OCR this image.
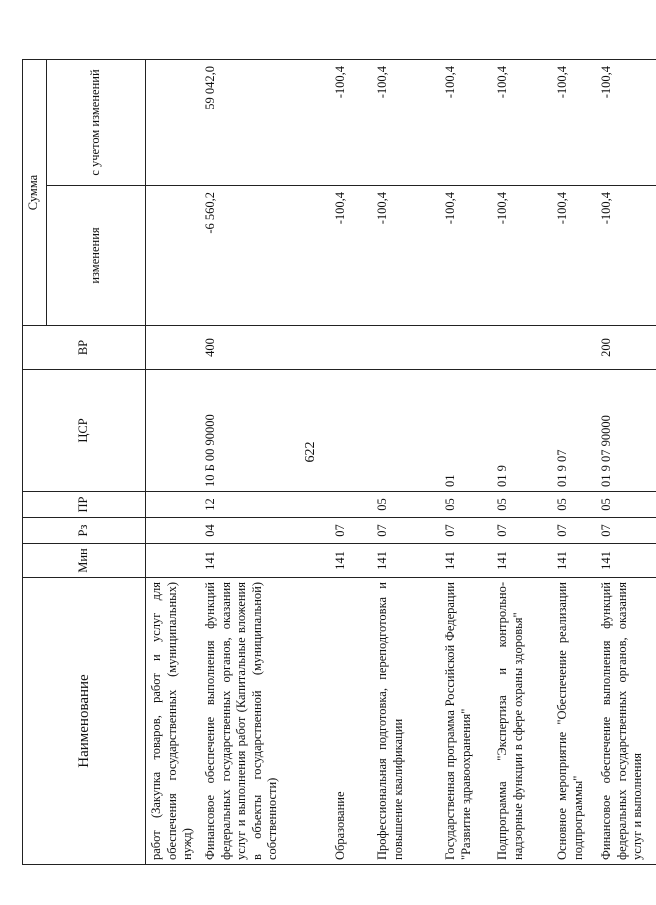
622
Наименование	Мин	Рз	ПР	ЦСР	ВР	Сумма	
						изменения	с учетом изменений
работ (Закупка товаров, работ и услуг для обеспечения государственных (муниципальных) нужд)							
Финансовое обеспечение выполнения функций федеральных государственных органов, оказания услуг и выполнения работ (Капитальные вложения в объекты государственной (муниципальной) собственности)	141	04	12	10 Б 00 90000	400	-6 560,2	59 042,0
Образование	141	07				-100,4	-100,4
Профессиональная подготовка, переподготовка и повышение квалификации	141	07	05			-100,4	-100,4
Государственная программа Российской Федерации "Развитие здравоохранения"	141	07	05	01		-100,4	-100,4
Подпрограмма "Экспертиза и контрольно-надзорные функции в сфере охраны здоровья"	141	07	05	01 9		-100,4	-100,4
Основное мероприятие "Обеспечение реализации подпрограммы"	141	07	05	01 9 07		-100,4	-100,4
Финансовое обеспечение выполнения функций федеральных государственных органов, оказания услуг и выполнения	141	07	05	01 9 07 90000	200	-100,4	-100,4
